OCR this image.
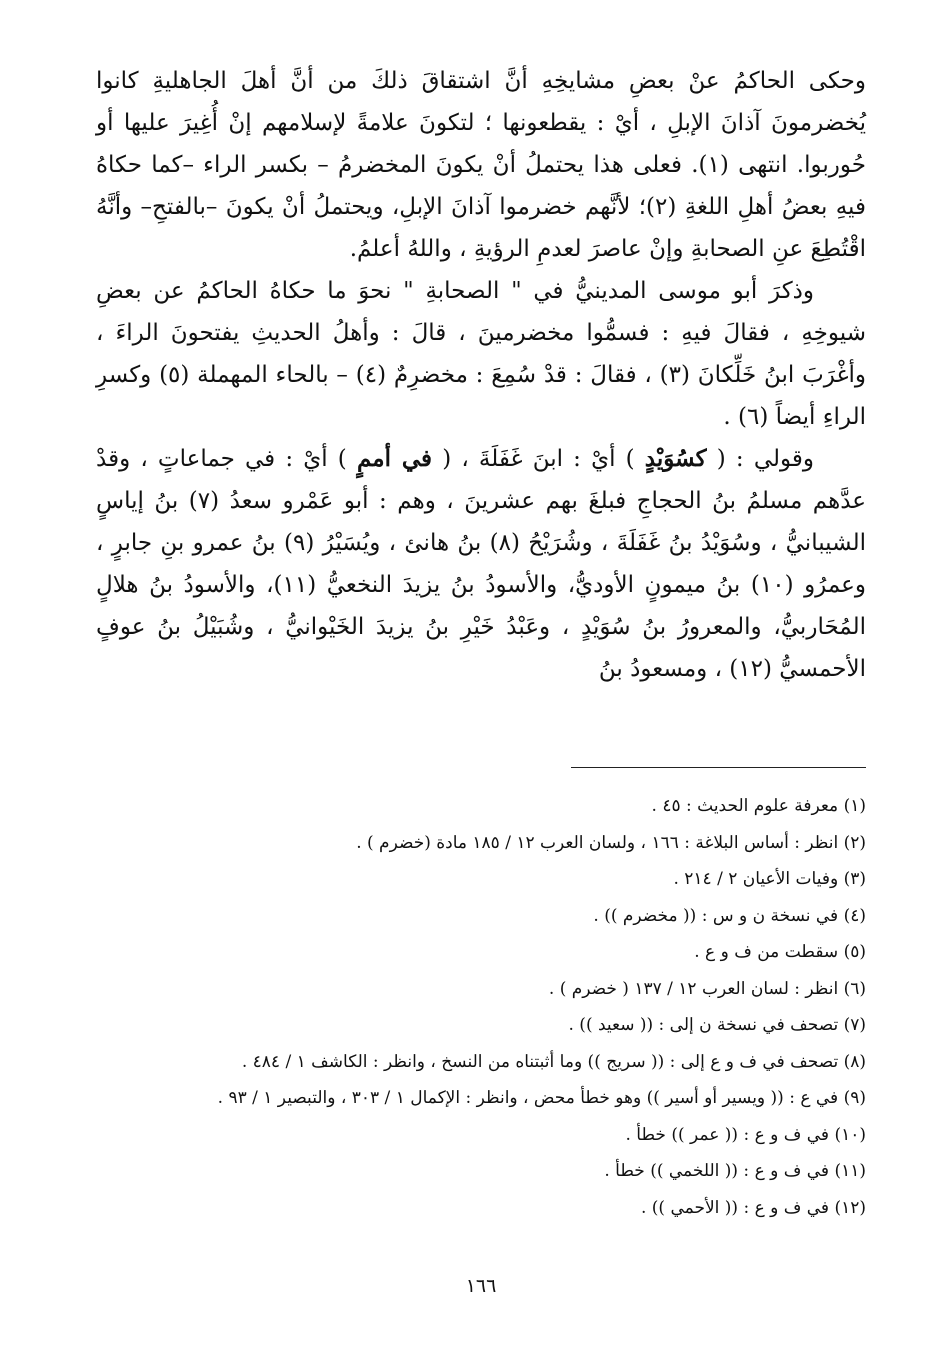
وحكى الحاكمُ عنْ بعضِ مشايخِهِ أنَّ اشتقاقَ ذلكَ من أنَّ أهلَ الجاهليةِ كانوا يُخضرمونَ آذانَ الإبلِ ، أيْ : يقطعونها ؛ لتكونَ علامةً لإسلامهم إنْ أُغِيرَ عليها أو حُوربوا. انتهى (١). فعلى هذا يحتملُ أنْ يكونَ المخضرمُ – بكسر الراء –كما حكاهُ فيهِ بعضُ أهلِ اللغةِ (٢)؛ لأنَّهم خضرموا آذانَ الإبلِ، ويحتملُ أنْ يكونَ –بالفتحِ– وأنَّهُ اقْتُطِعَ عنِ الصحابةِ وإنْ عاصرَ لعدمِ الرؤيةِ ، واللهُ أعلمُ.

وذكرَ أبو موسى المدينيُّ في " الصحابةِ " نحوَ ما حكاهُ الحاكمُ عن بعضِ شيوخِهِ ، فقالَ فيهِ : فسمُّوا مخضرمينَ ، قالَ : وأهلُ الحديثِ يفتحونَ الراءَ ، وأغْرَبَ ابنُ خَلِّكانَ (٣) ، فقالَ : قدْ سُمِعَ : مخضرِمٌ (٤) – بالحاء المهملة (٥) وكسرِ الراءِ أيضاً (٦) .

وقولي : ( كسُوَيْدٍ ) أيْ : ابنَ غَفَلَةَ ، ( في أممٍ ) أيْ : في جماعاتٍ ، وقدْ عدَّهم مسلمُ بنُ الحجاجِ فبلغَ بهم عشرينَ ، وهم : أبو عَمْرو سعدُ (٧) بنُ إياسٍ الشيبانيُّ ، وسُوَيْدُ بنُ غَفَلَةَ ، وشُرَيْحُ (٨) بنُ هانئ ، ويُسَيْرُ (٩) بنُ عمرو بنِ جابرٍ ، وعمرُو (١٠) بنُ ميمونٍ الأوديُّ، والأسودُ بنُ يزيدَ النخعيُّ (١١)، والأسودُ بنُ هلالٍ المُحَاربيُّ، والمعرورُ بنُ سُوَيْدٍ ، وعَبْدُ خَيْرِ بنُ يزيدَ الخَيْوانيُّ ، وشُبَيْلُ بنُ عوفٍ الأحمسيُّ (١٢) ، ومسعودُ بنُ

(١) معرفة علوم الحديث : ٤٥ .
(٢) انظر : أساس البلاغة : ١٦٦ ، ولسان العرب ١٢ / ١٨٥ مادة (خضرم ) .
(٣) وفيات الأعيان ٢ / ٢١٤ .
(٤) في نسخة ن و س : (( مخضرم )) .
(٥) سقطت من ف و ع .
(٦) انظر : لسان العرب ١٢ / ١٣٧ ( خضرم ) .
(٧) تصحف في نسخة ن إلى : (( سعيد )) .
(٨) تصحف في ف و ع إلى : (( سريج )) وما أثبتناه من النسخ ، وانظر : الكاشف ١ / ٤٨٤ .
(٩) في ع : (( ويسير أو أسير )) وهو خطأ محض ، وانظر : الإكمال ١ / ٣٠٣ ، والتبصير ١ / ٩٣ .
(١٠) في ف و ع : (( عمر )) خطأ .
(١١) في ف و ع : (( اللخمي )) خطأ .
(١٢) في ف و ع : (( الأحمي )) .
١٦٦
